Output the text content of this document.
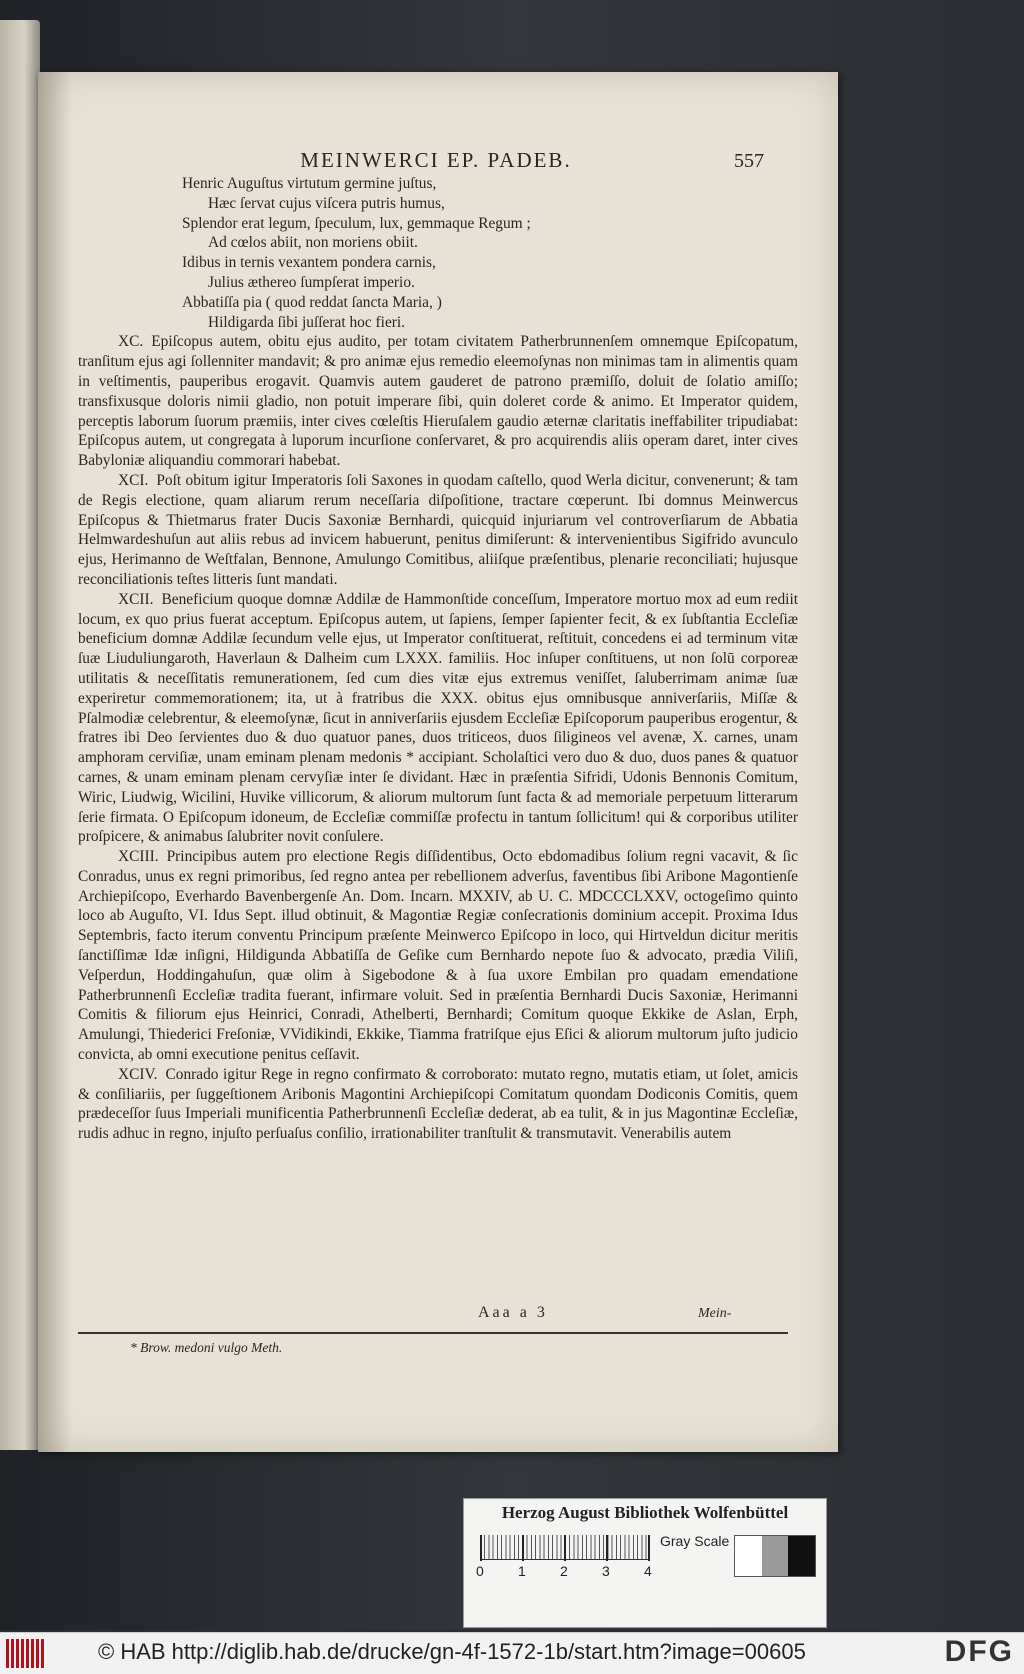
MEINWERCI EP. PADEB.	557
Henric Auguſtus virtutum germine juſtus,
Hæc ſervat cujus viſcera putris humus,
Splendor erat legum, ſpeculum, lux, gemmaque Regum ;
Ad cœlos abiit, non moriens obiit.
Idibus in ternis vexantem pondera carnis,
Julius æthereo ſumpſerat imperio.
Abbatiſſa pia ( quod reddat ſancta Maria, )
Hildigarda ſibi juſſerat hoc fieri.

XC. Epiſcopus autem, obitu ejus audito, per totam civitatem Patherbrunnenſem omnemque Epiſcopatum, tranſitum ejus agi ſollenniter mandavit; & pro animæ ejus remedio eleemoſynas non minimas tam in alimentis quam in veſtimentis, pauperibus erogavit. Quamvis autem gauderet de patrono præmiſſo, doluit de ſolatio amiſſo; transfixusque doloris nimii gladio, non potuit imperare ſibi, quin doleret corde & animo. Et Imperator quidem, perceptis laborum ſuorum præmiis, inter cives cœleſtis Hieruſalem gaudio æternæ claritatis ineffabiliter tripudiabat: Epiſcopus autem, ut congregata à luporum incurſione conſervaret, & pro acquirendis aliis operam daret, inter cives Babyloniæ aliquandiu commorari habebat.

XCI. Poſt obitum igitur Imperatoris ſoli Saxones in quodam caſtello, quod Werla dicitur, convenerunt; & tam de Regis electione, quam aliarum rerum neceſſaria diſpoſitione, tractare cœperunt. Ibi domnus Meinwercus Epiſcopus & Thietmarus frater Ducis Saxoniæ Bernhardi, quicquid injuriarum vel controverſiarum de Abbatia Helmwardeshuſun aut aliis rebus ad invicem habuerunt, penitus dimiſerunt: & intervenientibus Sigifrido avunculo ejus, Herimanno de Weſtfalan, Bennone, Amulungo Comitibus, aliiſque præſentibus, plenarie reconciliati; hujusque reconciliationis teſtes litteris ſunt mandati.

XCII. Beneficium quoque domnæ Addilæ de Hammonſtide conceſſum, Imperatore mortuo mox ad eum rediit locum, ex quo prius fuerat acceptum. Epiſcopus autem, ut ſapiens, ſemper ſapienter fecit, & ex ſubſtantia Eccleſiæ beneficium domnæ Addilæ ſecundum velle ejus, ut Imperator conſtituerat, reſtituit, concedens ei ad terminum vitæ ſuæ Liuduliungaroth, Haverlaun & Dalheim cum LXXX. familiis. Hoc inſuper conſtituens, ut non ſolū corporeæ utilitatis & neceſſitatis remunerationem, ſed cum dies vitæ ejus extremus veniſſet, ſaluberrimam animæ ſuæ experiretur commemorationem; ita, ut à fratribus die XXX. obitus ejus omnibusque anniverſariis, Miſſæ & Pſalmodiæ celebrentur, & eleemoſynæ, ſicut in anniverſariis ejusdem Eccleſiæ Epiſcoporum pauperibus erogentur, & fratres ibi Deo ſervientes duo & duo quatuor panes, duos triticeos, duos ſiligineos vel avenæ, X. carnes, unam amphoram cerviſiæ, unam eminam plenam medonis * accipiant. Scholaſtici vero duo & duo, duos panes & quatuor carnes, & unam eminam plenam cervyſiæ inter ſe dividant. Hæc in præſentia Sifridi, Udonis Bennonis Comitum, Wiric, Liudwig, Wicilini, Huvike villicorum, & aliorum multorum ſunt facta & ad memoriale perpetuum litterarum ſerie firmata. O Epiſcopum idoneum, de Eccleſiæ commiſſæ profectu in tantum ſollicitum! qui & corporibus utiliter proſpicere, & animabus ſalubriter novit conſulere.

XCIII. Principibus autem pro electione Regis diſſidentibus, Octo ebdomadibus ſolium regni vacavit, & ſic Conradus, unus ex regni primoribus, ſed regno antea per rebellionem adverſus, faventibus ſibi Aribone Magontienſe Archiepiſcopo, Everhardo Bavenbergenſe An. Dom. Incarn. MXXIV, ab U. C. MDCCCLXXV, octogeſimo quinto loco ab Auguſto, VI. Idus Sept. illud obtinuit, & Magontiæ Regiæ conſecrationis dominium accepit. Proxima Idus Septembris, facto iterum conventu Principum præſente Meinwerco Epiſcopo in loco, qui Hirtveldun dicitur meritis ſanctiſſimæ Idæ inſigni, Hildigunda Abbatiſſa de Geſike cum Bernhardo nepote ſuo & advocato, prædia Viliſi, Veſperdun, Hoddingahuſun, quæ olim à Sigebodone & à ſua uxore Embilan pro quadam emendatione Patherbrunnenſi Eccleſiæ tradita fuerant, infirmare voluit. Sed in præſentia Bernhardi Ducis Saxoniæ, Herimanni Comitis & filiorum ejus Heinrici, Conradi, Athelberti, Bernhardi; Comitum quoque Ekkike de Aslan, Erph, Amulungi, Thiederici Freſoniæ, VVidikindi, Ekkike, Tiamma fratriſque ejus Eſici & aliorum multorum juſto judicio convicta, ab omni executione penitus ceſſavit.

XCIV. Conrado igitur Rege in regno confirmato & corroborato: mutato regno, mutatis etiam, ut ſolet, amicis & conſiliariis, per ſuggeſtionem Aribonis Magontini Archiepiſcopi Comitatum quondam Dodiconis Comitis, quem prædeceſſor ſuus Imperiali munificentia Patherbrunnenſi Eccleſiæ dederat, ab ea tulit, & in jus Magontinæ Eccleſiæ, rudis adhuc in regno, injuſto perſuaſus conſilio, irrationabiliter tranſtulit & transmutavit. Venerabilis autem

Aaa a 3	Mein-
* Brow. medoni vulgo Meth.
Herzog August Bibliothek Wolfenbüttel
0 1 2 3 4
Gray Scale
© HAB http://diglib.hab.de/drucke/gn-4f-1572-1b/start.htm?image=00605	DFG
